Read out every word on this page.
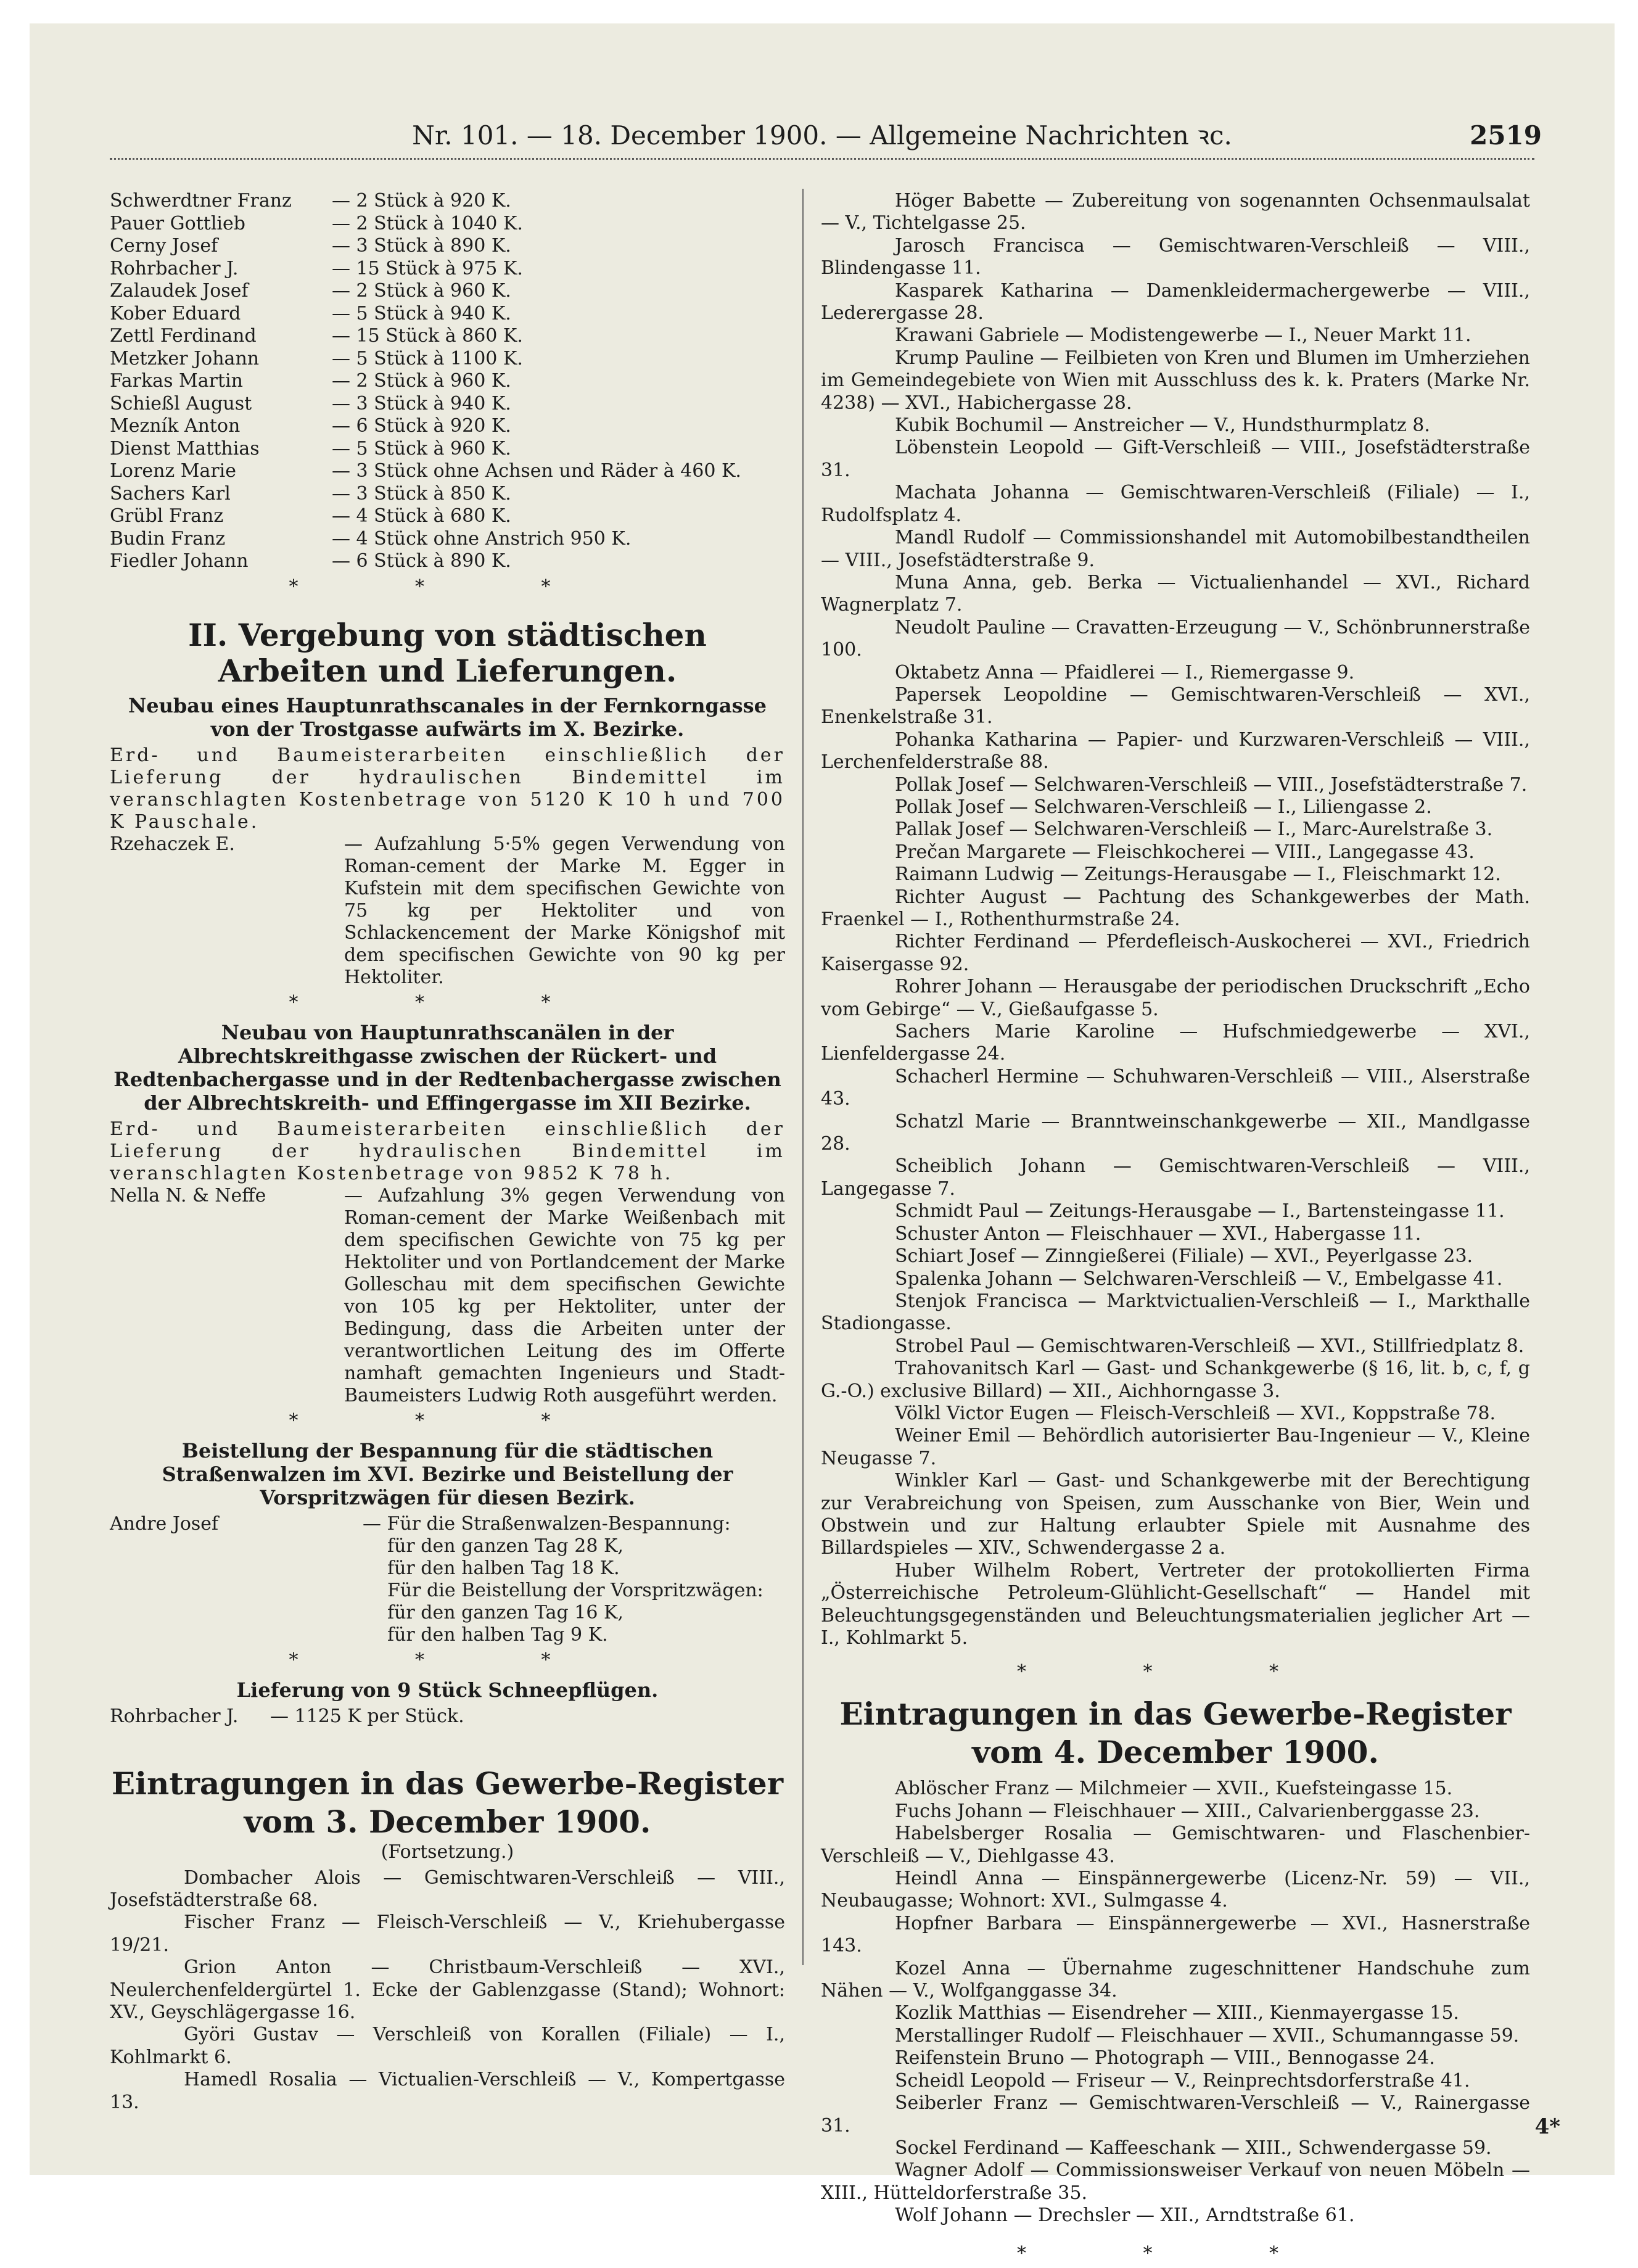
Nr. 101. — 18. December 1900. — Allgemeine Nachrichten ꝛc.	2519
Schwerdtner Franz	— 2 Stück à 920 K.
Pauer Gottlieb	— 2 Stück à 1040 K.
Cerny Josef	— 3 Stück à 890 K.
Rohrbacher J.	— 15 Stück à 975 K.
Zalaudek Josef	— 2 Stück à 960 K.
Kober Eduard	— 5 Stück à 940 K.
Zettl Ferdinand	— 15 Stück à 860 K.
Metzker Johann	— 5 Stück à 1100 K.
Farkas Martin	— 2 Stück à 960 K.
Schießl August	— 3 Stück à 940 K.
Mezník Anton	— 6 Stück à 920 K.
Dienst Matthias	— 5 Stück à 960 K.
Lorenz Marie	— 3 Stück ohne Achsen und Räder à 460 K.
Sachers Karl	— 3 Stück à 850 K.
Grübl Franz	— 4 Stück à 680 K.
Budin Franz	— 4 Stück ohne Anstrich 950 K.
Fiedler Johann	— 6 Stück à 890 K.
* * *
II. Vergebung von städtischen Arbeiten und Lieferungen.
Neubau eines Hauptunrathscanales in der Fernkorngasse von der Trostgasse aufwärts im X. Bezirke.
Erd- und Baumeisterarbeiten einschließlich der Lieferung der hydraulischen Bindemittel im veranschlagten Kostenbetrage von 5120 K 10 h und 700 K Pauschale.
Rzehaczek E.	— Aufzahlung 5·5% gegen Verwendung von Roman-cement der Marke M. Egger in Kufstein mit dem specifischen Gewichte von 75 kg per Hektoliter und von Schlackencement der Marke Königshof mit dem specifischen Gewichte von 90 kg per Hektoliter.
* * *
Neubau von Hauptunrathscanälen in der Albrechtskreithgasse zwischen der Rückert- und Redtenbachergasse und in der Redtenbachergasse zwischen der Albrechtskreith- und Effingergasse im XII Bezirke.
Erd- und Baumeisterarbeiten einschließlich der Lieferung der hydraulischen Bindemittel im veranschlagten Kostenbetrage von 9852 K 78 h.
Nella N. & Neffe	— Aufzahlung 3% gegen Verwendung von Roman-cement der Marke Weißenbach mit dem specifischen Gewichte von 75 kg per Hektoliter und von Portlandcement der Marke Golleschau mit dem specifischen Gewichte von 105 kg per Hektoliter, unter der Bedingung, dass die Arbeiten unter der verantwortlichen Leitung des im Offerte namhaft gemachten Ingenieurs und Stadt-Baumeisters Ludwig Roth ausgeführt werden.
* * *
Beistellung der Bespannung für die städtischen Straßenwalzen im XVI. Bezirke und Beistellung der Vorspritzwägen für diesen Bezirk.
Andre Josef	— Für die Straßenwalzen-Bespannung:
für den ganzen Tag 28 K,
für den halben Tag 18 K.
Für die Beistellung der Vorspritzwägen:
für den ganzen Tag 16 K,
für den halben Tag 9 K.
* * *
Lieferung von 9 Stück Schneepflügen.
Rohrbacher J.	— 1125 K per Stück.
Eintragungen in das Gewerbe-Register
vom 3. December 1900.
(Fortsetzung.)
Dombacher Alois — Gemischtwaren-Verschleiß — VIII., Josefstädterstraße 68.
Fischer Franz — Fleisch-Verschleiß — V., Kriehubergasse 19/21.
Grion Anton — Christbaum-Verschleiß — XVI., Neulerchenfeldergürtel 1. Ecke der Gablenzgasse (Stand); Wohnort: XV., Geyschlägergasse 16.
Györi Gustav — Verschleiß von Korallen (Filiale) — I., Kohlmarkt 6.
Hamedl Rosalia — Victualien-Verschleiß — V., Kompertgasse 13.
Höger Babette — Zubereitung von sogenannten Ochsenmaulsalat — V., Tichtelgasse 25.
Jarosch Francisca — Gemischtwaren-Verschleiß — VIII., Blindengasse 11.
Kasparek Katharina — Damenkleidermachergewerbe — VIII., Lederergasse 28.
Krawani Gabriele — Modistengewerbe — I., Neuer Markt 11.
Krump Pauline — Feilbieten von Kren und Blumen im Umherziehen im Gemeindegebiete von Wien mit Ausschluss des k. k. Praters (Marke Nr. 4238) — XVI., Habichergasse 28.
Kubik Bochumil — Anstreicher — V., Hundsthurmplatz 8.
Löbenstein Leopold — Gift-Verschleiß — VIII., Josefstädterstraße 31.
Machata Johanna — Gemischtwaren-Verschleiß (Filiale) — I., Rudolfsplatz 4.
Mandl Rudolf — Commissionshandel mit Automobilbestandtheilen — VIII., Josefstädterstraße 9.
Muna Anna, geb. Berka — Victualienhandel — XVI., Richard Wagnerplatz 7.
Neudolt Pauline — Cravatten-Erzeugung — V., Schönbrunnerstraße 100.
Oktabetz Anna — Pfaidlerei — I., Riemergasse 9.
Papersek Leopoldine — Gemischtwaren-Verschleiß — XVI., Enenkelstraße 31.
Pohanka Katharina — Papier- und Kurzwaren-Verschleiß — VIII., Lerchenfelderstraße 88.
Pollak Josef — Selchwaren-Verschleiß — VIII., Josefstädterstraße 7.
Pollak Josef — Selchwaren-Verschleiß — I., Liliengasse 2.
Pallak Josef — Selchwaren-Verschleiß — I., Marc-Aurelstraße 3.
Prečan Margarete — Fleischkocherei — VIII., Langegasse 43.
Raimann Ludwig — Zeitungs-Herausgabe — I., Fleischmarkt 12.
Richter August — Pachtung des Schankgewerbes der Math. Fraenkel — I., Rothenthurmstraße 24.
Richter Ferdinand — Pferdefleisch-Auskocherei — XVI., Friedrich Kaisergasse 92.
Rohrer Johann — Herausgabe der periodischen Druckschrift „Echo vom Gebirge“ — V., Gießaufgasse 5.
Sachers Marie Karoline — Hufschmiedgewerbe — XVI., Lienfeldergasse 24.
Schacherl Hermine — Schuhwaren-Verschleiß — VIII., Alserstraße 43.
Schatzl Marie — Branntweinschankgewerbe — XII., Mandlgasse 28.
Scheiblich Johann — Gemischtwaren-Verschleiß — VIII., Langegasse 7.
Schmidt Paul — Zeitungs-Herausgabe — I., Bartensteingasse 11.
Schuster Anton — Fleischhauer — XVI., Habergasse 11.
Schiart Josef — Zinngießerei (Filiale) — XVI., Peyerlgasse 23.
Spalenka Johann — Selchwaren-Verschleiß — V., Embelgasse 41.
Stenjok Francisca — Marktvictualien-Verschleiß — I., Markthalle Stadiongasse.
Strobel Paul — Gemischtwaren-Verschleiß — XVI., Stillfriedplatz 8.
Trahovanitsch Karl — Gast- und Schankgewerbe (§ 16, lit. b, c, f, g G.-O.) exclusive Billard) — XII., Aichhorngasse 3.
Völkl Victor Eugen — Fleisch-Verschleiß — XVI., Koppstraße 78.
Weiner Emil — Behördlich autorisierter Bau-Ingenieur — V., Kleine Neugasse 7.
Winkler Karl — Gast- und Schankgewerbe mit der Berechtigung zur Verabreichung von Speisen, zum Ausschanke von Bier, Wein und Obstwein und zur Haltung erlaubter Spiele mit Ausnahme des Billardspieles — XIV., Schwendergasse 2 a.
Huber Wilhelm Robert, Vertreter der protokollierten Firma „Österreichische Petroleum-Glühlicht-Gesellschaft“ — Handel mit Beleuchtungsgegenständen und Beleuchtungsmaterialien jeglicher Art — I., Kohlmarkt 5.
* * *
Eintragungen in das Gewerbe-Register
vom 4. December 1900.
Ablöscher Franz — Milchmeier — XVII., Kuefsteingasse 15.
Fuchs Johann — Fleischhauer — XIII., Calvarienberggasse 23.
Habelsberger Rosalia — Gemischtwaren- und Flaschenbier-Verschleiß — V., Diehlgasse 43.
Heindl Anna — Einspännergewerbe (Licenz-Nr. 59) — VII., Neubaugasse; Wohnort: XVI., Sulmgasse 4.
Hopfner Barbara — Einspännergewerbe — XVI., Hasnerstraße 143.
Kozel Anna — Übernahme zugeschnittener Handschuhe zum Nähen — V., Wolfganggasse 34.
Kozlik Matthias — Eisendreher — XIII., Kienmayergasse 15.
Merstallinger Rudolf — Fleischhauer — XVII., Schumanngasse 59.
Reifenstein Bruno — Photograph — VIII., Bennogasse 24.
Scheidl Leopold — Friseur — V., Reinprechtsdorferstraße 41.
Seiberler Franz — Gemischtwaren-Verschleiß — V., Rainergasse 31.
Sockel Ferdinand — Kaffeeschank — XIII., Schwendergasse 59.
Wagner Adolf — Commissionsweiser Verkauf von neuen Möbeln — XIII., Hütteldorferstraße 35.
Wolf Johann — Drechsler — XII., Arndtstraße 61.
* * *
4*
